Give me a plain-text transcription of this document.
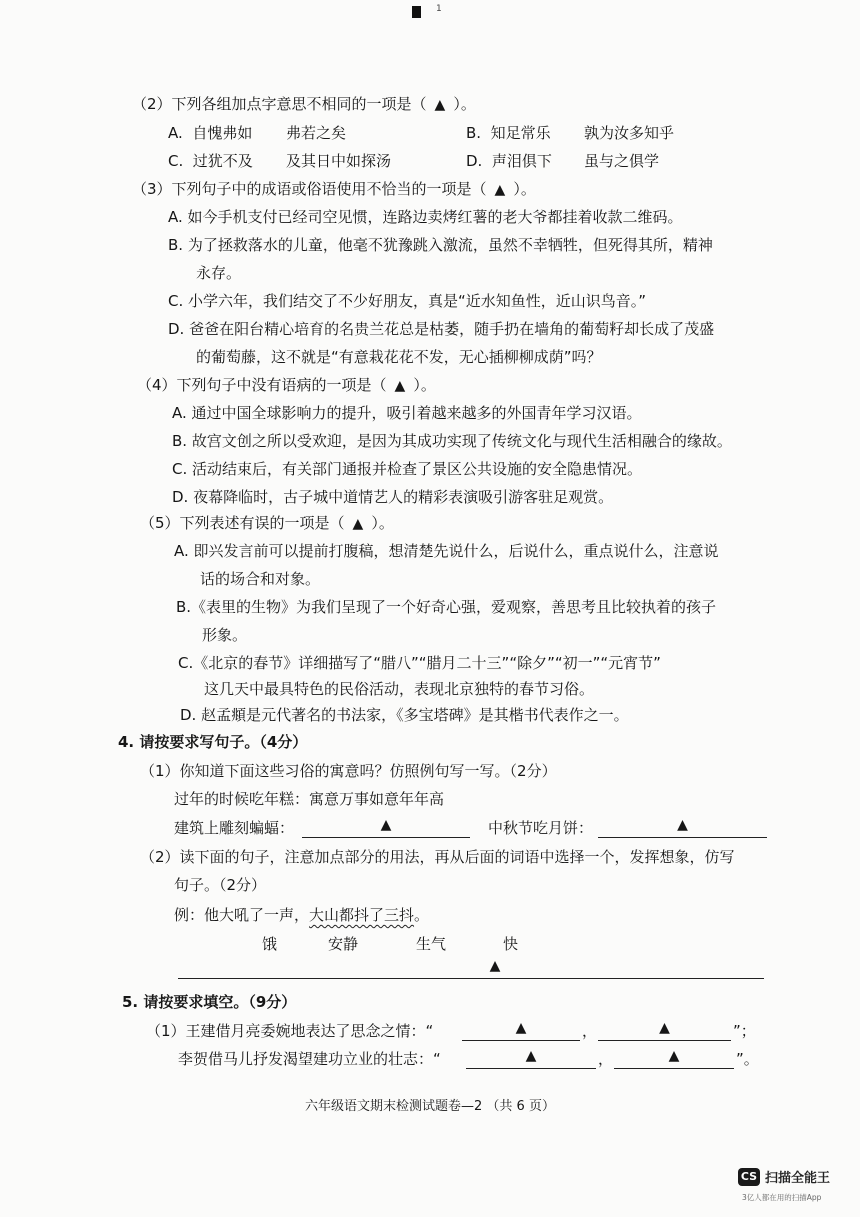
1
（2）下列各组加点字意思不相同的一项是（ ▲ ）。
A. 自愧弗如 弗若之矣	B. 知足常乐 孰为汝多知乎
C. 过犹不及 及其日中如探汤	D. 声泪俱下 虽与之俱学
（3）下列句子中的成语或俗语使用不恰当的一项是（ ▲ ）。
A. 如今手机支付已经司空见惯，连路边卖烤红薯的老大爷都挂着收款二维码。
B. 为了拯救落水的儿童，他毫不犹豫跳入激流，虽然不幸牺牲，但死得其所，精神
永存。
C. 小学六年，我们结交了不少好朋友，真是“近水知鱼性，近山识鸟音。”
D. 爸爸在阳台精心培育的名贵兰花总是枯萎，随手扔在墙角的葡萄籽却长成了茂盛
的葡萄藤，这不就是“有意栽花花不发，无心插柳柳成荫”吗？
（4）下列句子中没有语病的一项是（ ▲ ）。
A. 通过中国全球影响力的提升，吸引着越来越多的外国青年学习汉语。
B. 故宫文创之所以受欢迎，是因为其成功实现了传统文化与现代生活相融合的缘故。
C. 活动结束后，有关部门通报并检查了景区公共设施的安全隐患情况。
D. 夜幕降临时，古子城中道情艺人的精彩表演吸引游客驻足观赏。
（5）下列表述有误的一项是（ ▲ ）。
A. 即兴发言前可以提前打腹稿，想清楚先说什么，后说什么，重点说什么，注意说
话的场合和对象。
B.《表里的生物》为我们呈现了一个好奇心强，爱观察，善思考且比较执着的孩子
形象。
C.《北京的春节》详细描写了“腊八”“腊月二十三”“除夕”“初一”“元宵节”
这几天中最具特色的民俗活动，表现北京独特的春节习俗。
D. 赵孟頫是元代著名的书法家，《多宝塔碑》是其楷书代表作之一。
4. 请按要求写句子。（4分）
（1）你知道下面这些习俗的寓意吗？仿照例句写一写。（2分）
过年的时候吃年糕：寓意万事如意年年高
建筑上雕刻蝙蝠：	▲	中秋节吃月饼：	▲
（2）读下面的句子，注意加点部分的用法，再从后面的词语中选择一个，发挥想象，仿写
句子。（2分）
例：他大吼了一声，大山都抖了三抖。
饿	安静	生气	快
▲
5. 请按要求填空。（9分）
（1）王建借月亮委婉地表达了思念之情：“	▲	，	▲	”；
李贺借马儿抒发渴望建功立业的壮志：“	▲	，	▲	”。
六年级语文期末检测试题卷—2 （共 6 页）
CS 扫描全能王
3亿人都在用的扫描App
